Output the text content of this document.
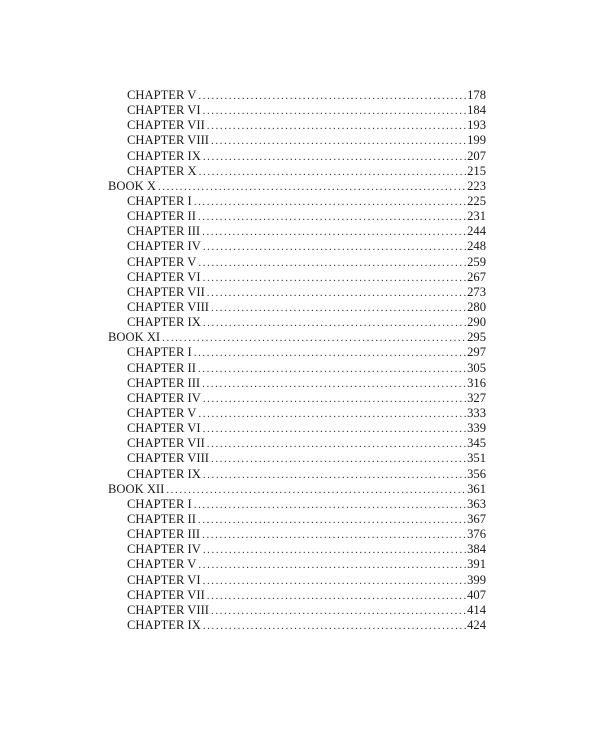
CHAPTER V .....	178
CHAPTER VI .....	184
CHAPTER VII .....	193
CHAPTER VIII .....	199
CHAPTER IX .....	207
CHAPTER X .....	215
BOOK X .....	223
CHAPTER I .....	225
CHAPTER II .....	231
CHAPTER III .....	244
CHAPTER IV .....	248
CHAPTER V .....	259
CHAPTER VI .....	267
CHAPTER VII .....	273
CHAPTER VIII .....	280
CHAPTER IX .....	290
BOOK XI .....	295
CHAPTER I .....	297
CHAPTER II .....	305
CHAPTER III .....	316
CHAPTER IV .....	327
CHAPTER V .....	333
CHAPTER VI .....	339
CHAPTER VII .....	345
CHAPTER VIII .....	351
CHAPTER IX .....	356
BOOK XII .....	361
CHAPTER I .....	363
CHAPTER II .....	367
CHAPTER III .....	376
CHAPTER IV .....	384
CHAPTER V .....	391
CHAPTER VI .....	399
CHAPTER VII .....	407
CHAPTER VIII .....	414
CHAPTER IX .....	424
